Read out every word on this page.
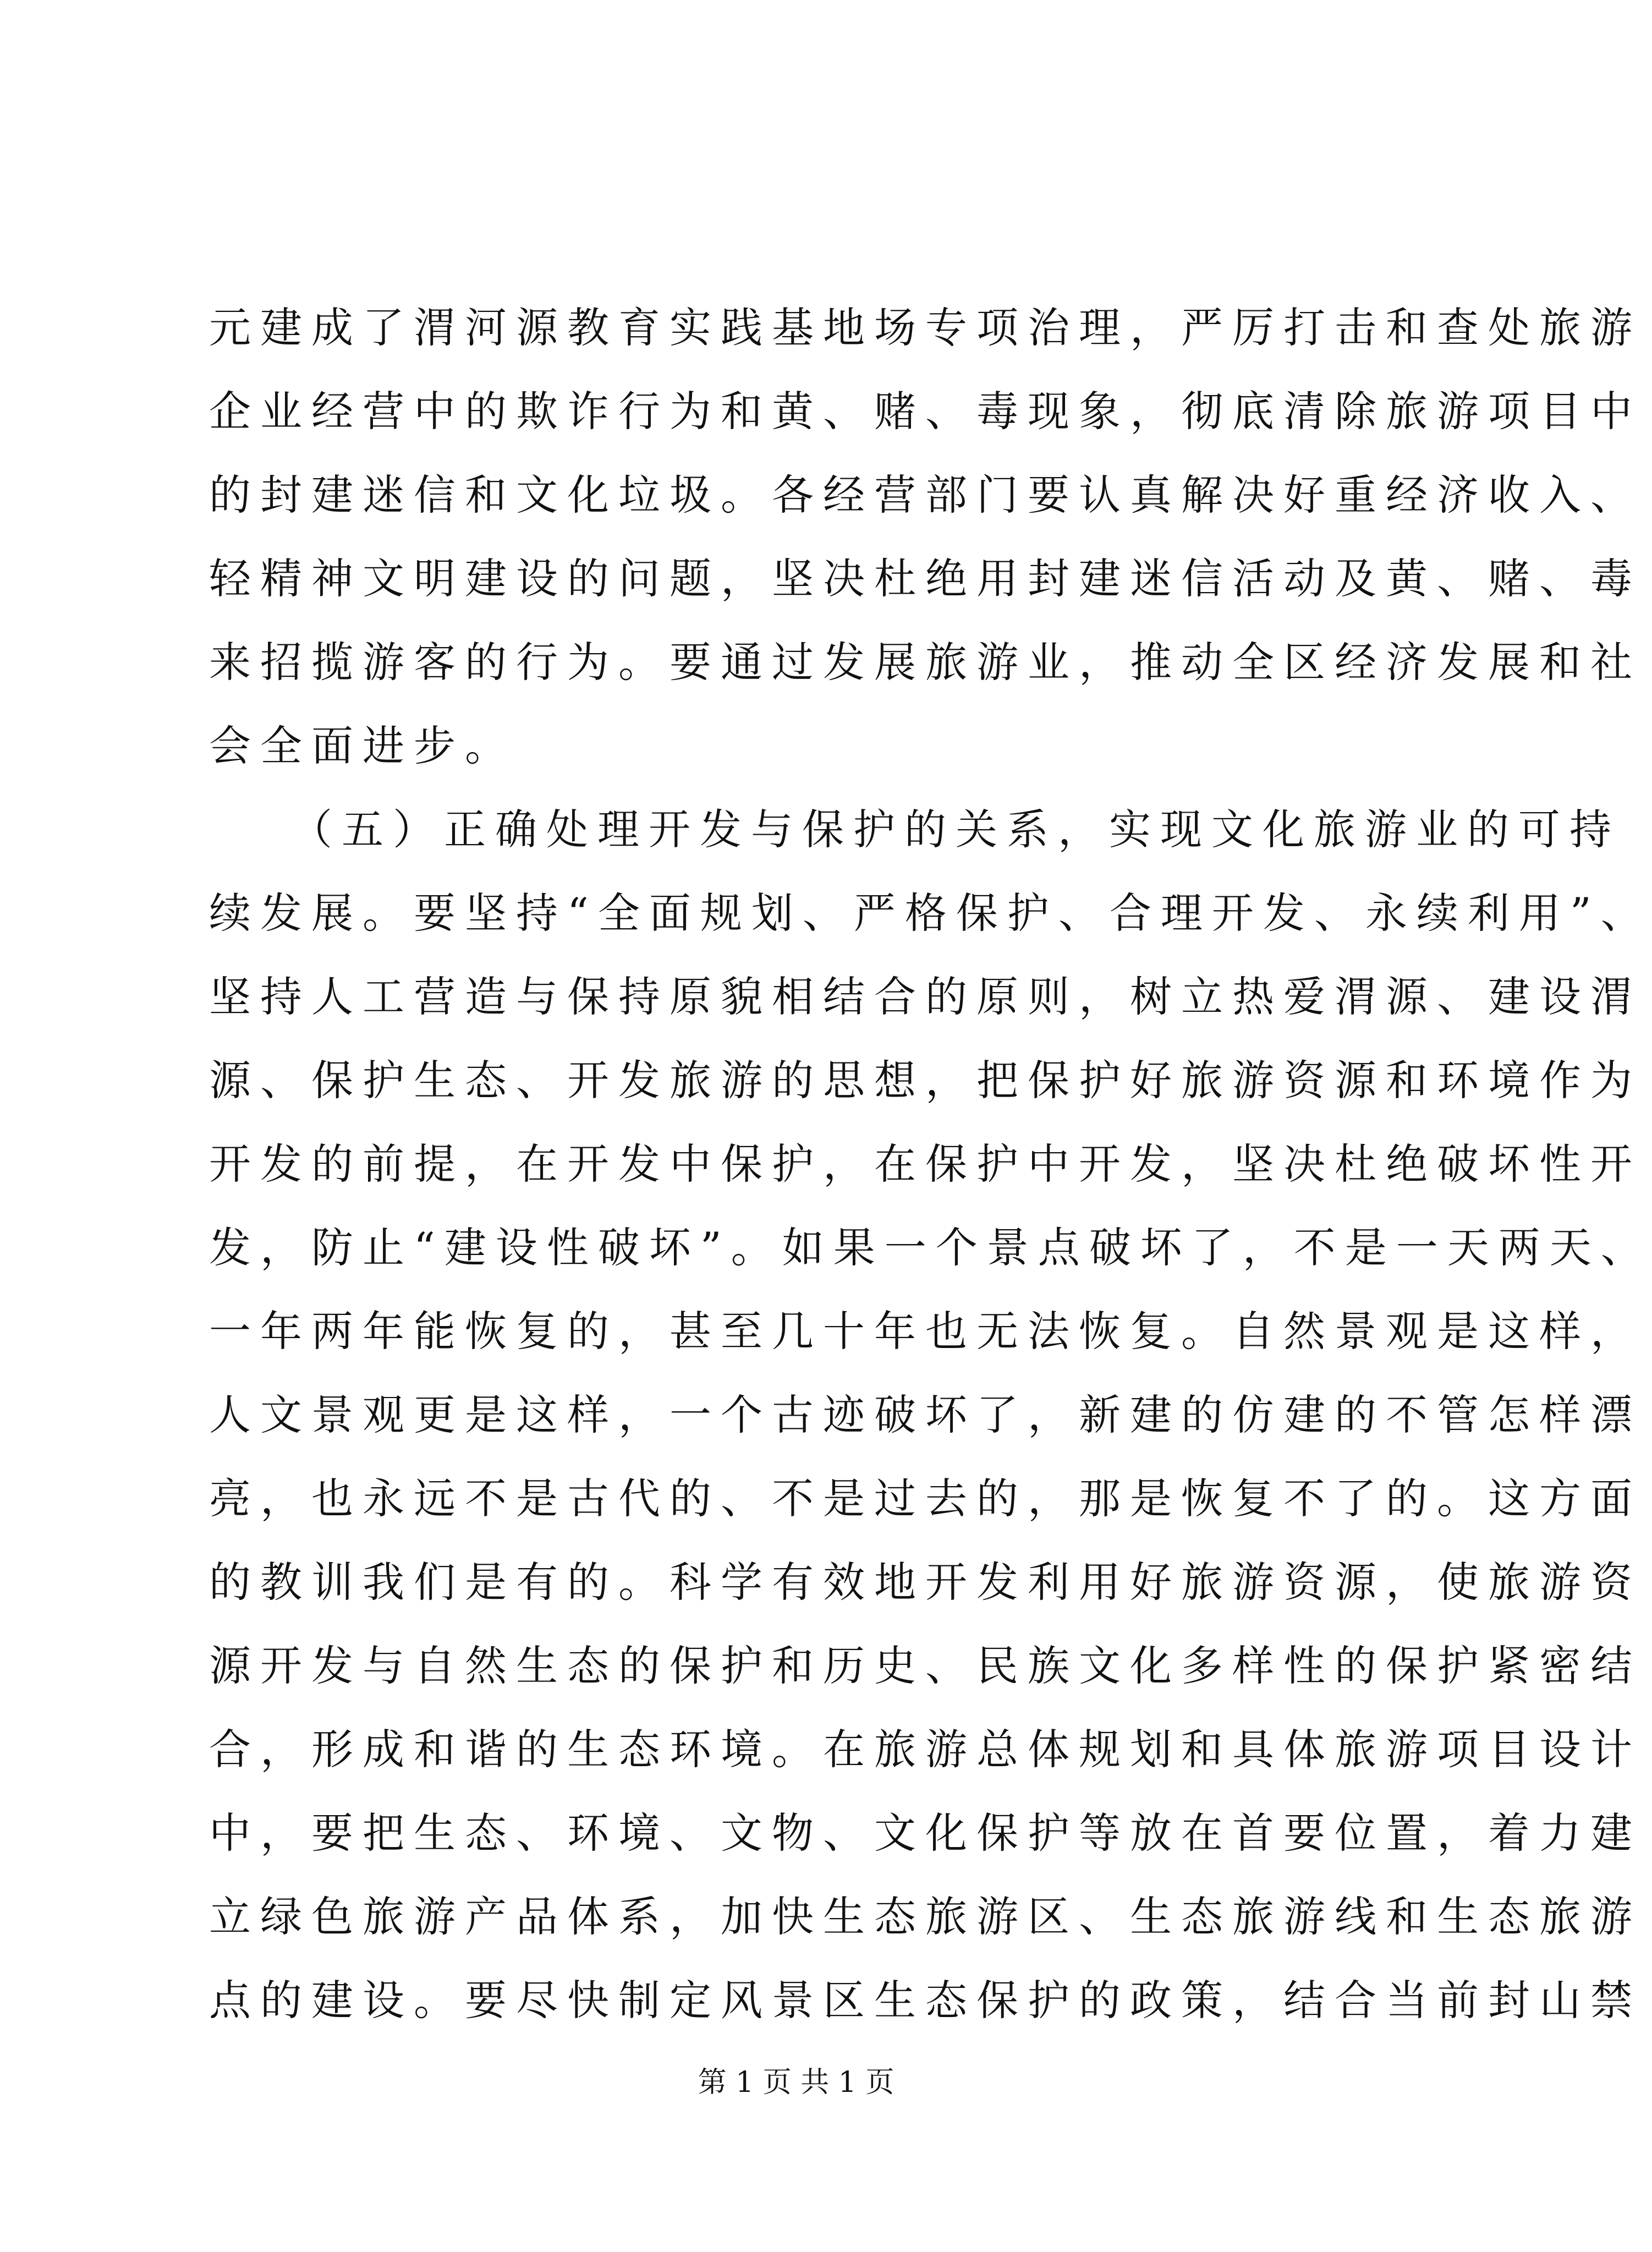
元建成了渭河源教育实践基地场专项治理，严厉打击和查处旅游
企业经营中的欺诈行为和黄、赌、毒现象，彻底清除旅游项目中
的封建迷信和文化垃圾。各经营部门要认真解决好重经济收入、
轻精神文明建设的问题，坚决杜绝用封建迷信活动及黄、赌、毒
来招揽游客的行为。要通过发展旅游业，推动全区经济发展和社
会全面进步。
　　（五）正确处理开发与保护的关系，实现文化旅游业的可持
续发展。要坚持“全面规划、严格保护、合理开发、永续利用”、
坚持人工营造与保持原貌相结合的原则，树立热爱渭源、建设渭
源、保护生态、开发旅游的思想，把保护好旅游资源和环境作为
开发的前提，在开发中保护，在保护中开发，坚决杜绝破坏性开
发，防止“建设性破坏”。如果一个景点破坏了，不是一天两天、
一年两年能恢复的，甚至几十年也无法恢复。自然景观是这样，
人文景观更是这样，一个古迹破坏了，新建的仿建的不管怎样漂
亮，也永远不是古代的、不是过去的，那是恢复不了的。这方面
的教训我们是有的。科学有效地开发利用好旅游资源，使旅游资
源开发与自然生态的保护和历史、民族文化多样性的保护紧密结
合，形成和谐的生态环境。在旅游总体规划和具体旅游项目设计
中，要把生态、环境、文物、文化保护等放在首要位置，着力建
立绿色旅游产品体系，加快生态旅游区、生态旅游线和生态旅游
点的建设。要尽快制定风景区生态保护的政策，结合当前封山禁
第 1 页 共 1 页
